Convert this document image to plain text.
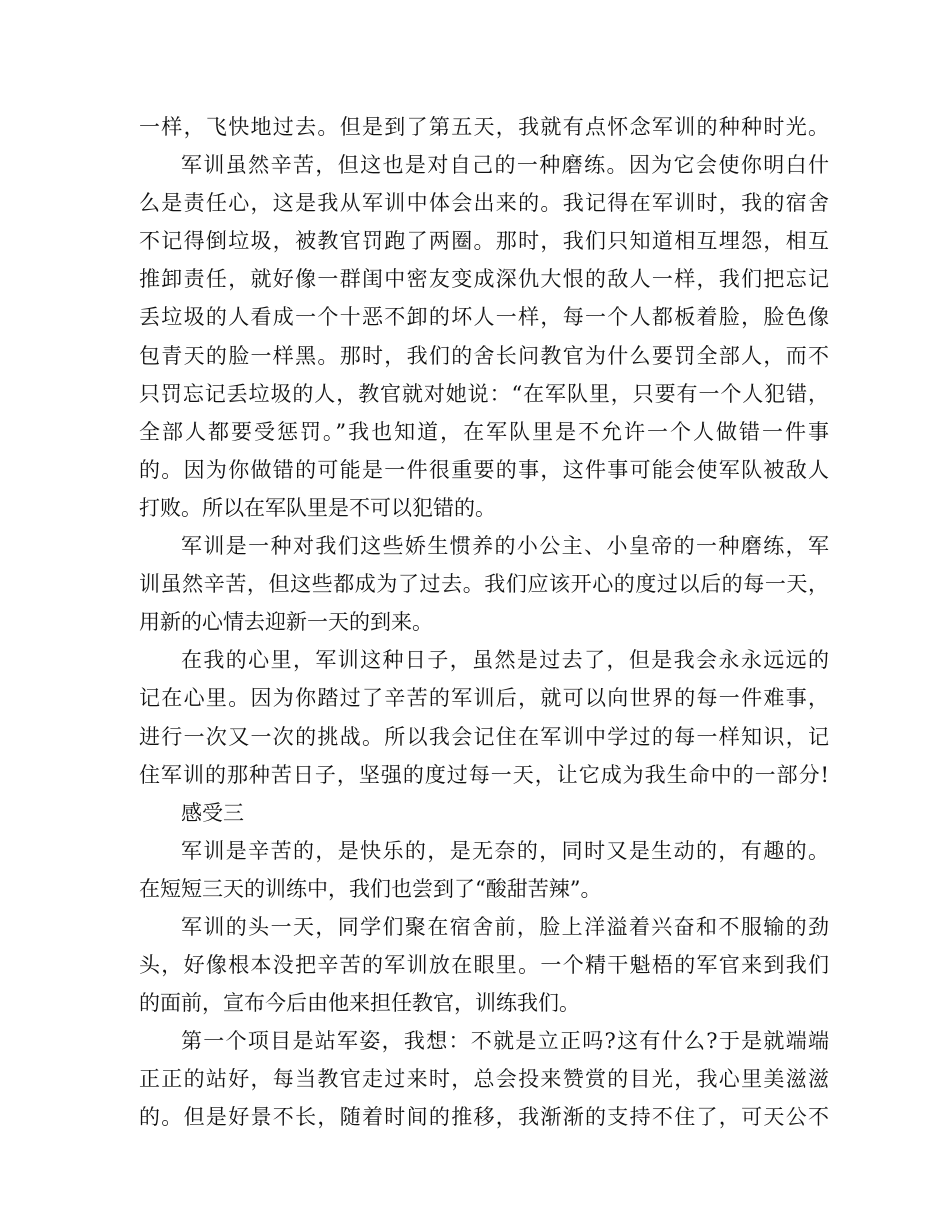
一样，飞快地过去。但是到了第五天，我就有点怀念军训的种种时光。
军训虽然辛苦，但这也是对自己的一种磨练。因为它会使你明白什
么是责任心，这是我从军训中体会出来的。我记得在军训时，我的宿舍
不记得倒垃圾，被教官罚跑了两圈。那时，我们只知道相互埋怨，相互
推卸责任，就好像一群闺中密友变成深仇大恨的敌人一样，我们把忘记
丢垃圾的人看成一个十恶不卸的坏人一样，每一个人都板着脸，脸色像
包青天的脸一样黑。那时，我们的舍长问教官为什么要罚全部人，而不
只罚忘记丢垃圾的人，教官就对她说：“在军队里，只要有一个人犯错，
全部人都要受惩罚。”我也知道，在军队里是不允许一个人做错一件事
的。因为你做错的可能是一件很重要的事，这件事可能会使军队被敌人
打败。所以在军队里是不可以犯错的。
军训是一种对我们这些娇生惯养的小公主、小皇帝的一种磨练，军
训虽然辛苦，但这些都成为了过去。我们应该开心的度过以后的每一天，
用新的心情去迎新一天的到来。
在我的心里，军训这种日子，虽然是过去了，但是我会永永远远的
记在心里。因为你踏过了辛苦的军训后，就可以向世界的每一件难事，
进行一次又一次的挑战。所以我会记住在军训中学过的每一样知识，记
住军训的那种苦日子，坚强的度过每一天，让它成为我生命中的一部分!
感受三
军训是辛苦的，是快乐的，是无奈的，同时又是生动的，有趣的。
在短短三天的训练中，我们也尝到了“酸甜苦辣”。
军训的头一天，同学们聚在宿舍前，脸上洋溢着兴奋和不服输的劲
头，好像根本没把辛苦的军训放在眼里。一个精干魁梧的军官来到我们
的面前，宣布今后由他来担任教官，训练我们。
第一个项目是站军姿，我想：不就是立正吗?这有什么?于是就端端
正正的站好，每当教官走过来时，总会投来赞赏的目光，我心里美滋滋
的。但是好景不长，随着时间的推移，我渐渐的支持不住了，可天公不
